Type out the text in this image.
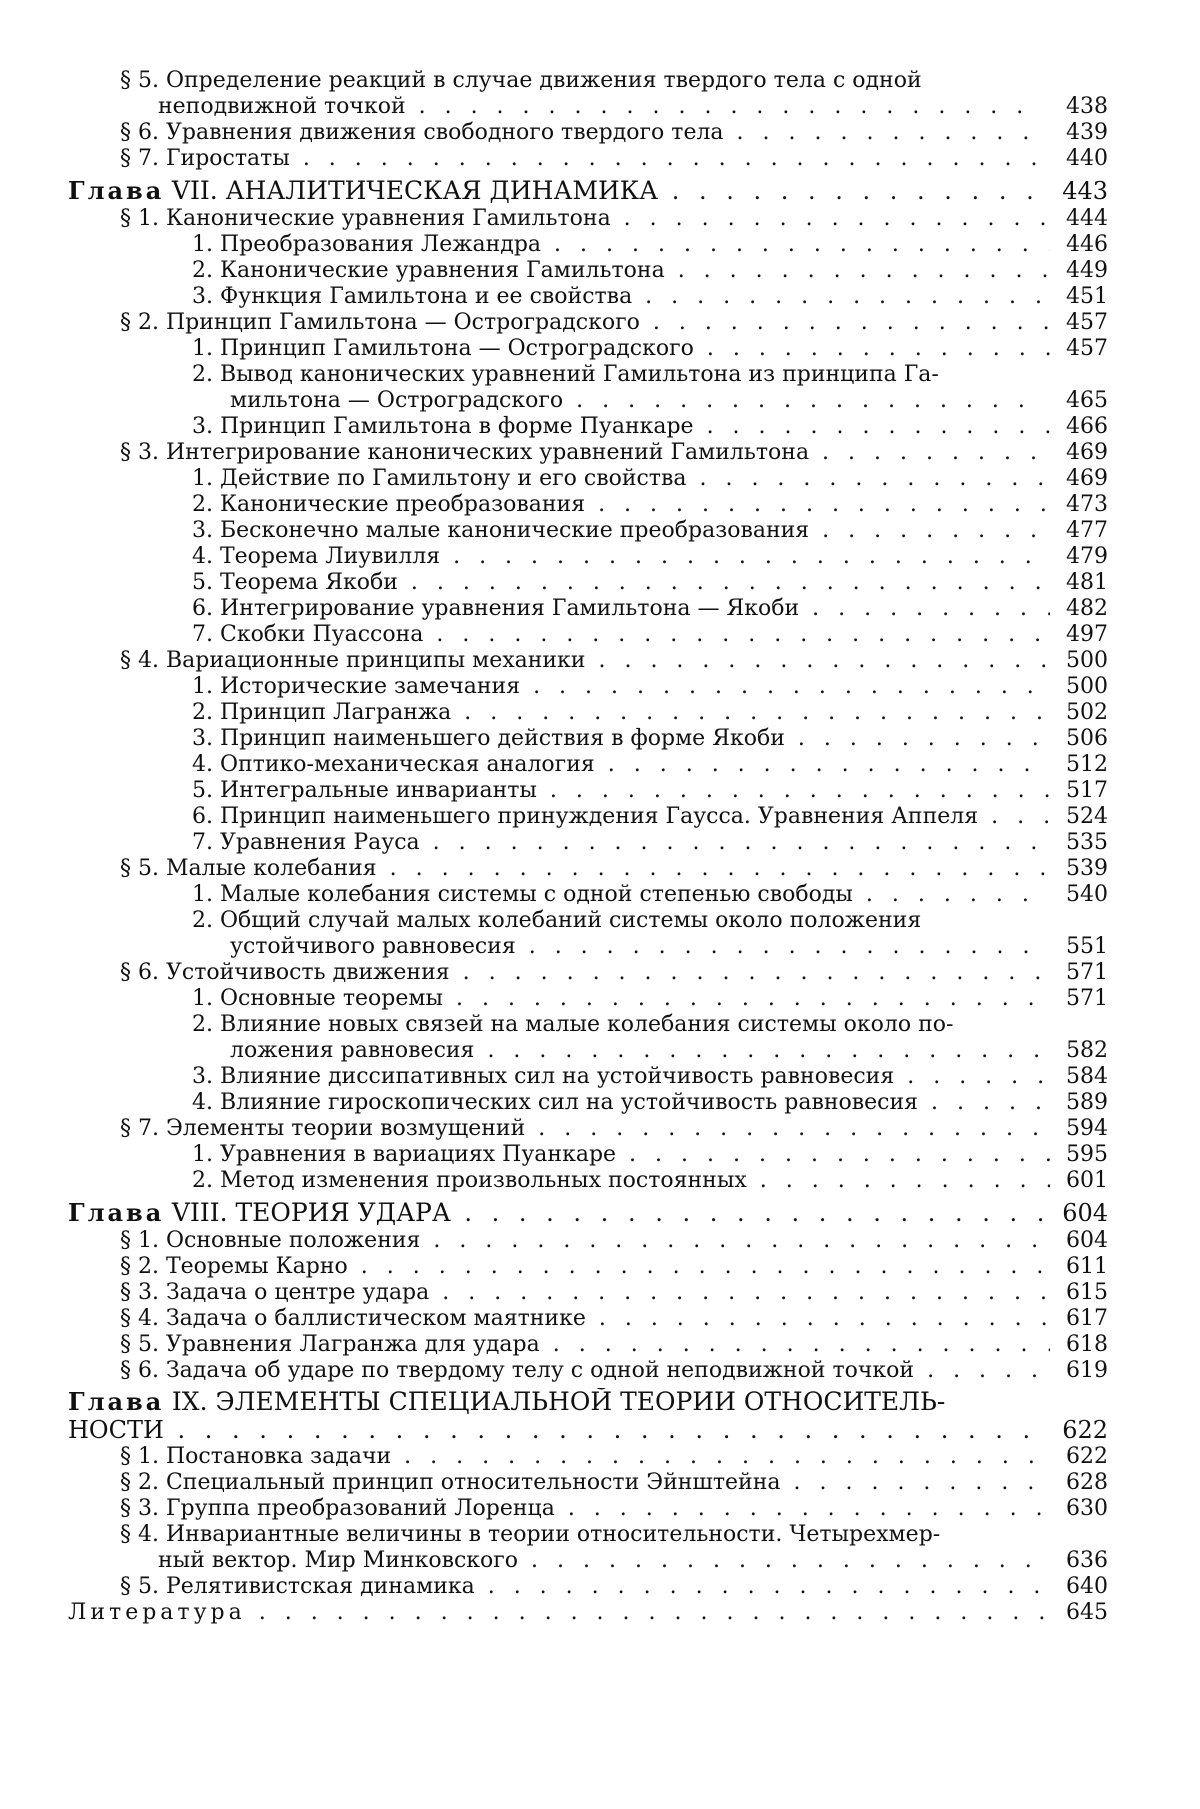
§ 5. Определение реакций в случае движения твердого тела с одной
неподвижной точкой . . .	438
§ 6. Уравнения движения свободного твердого тела . . .	439
§ 7. Гиростаты . . .	440
Глава VII. АНАЛИТИЧЕСКАЯ ДИНАМИКА . . .	443
§ 1. Канонические уравнения Гамильтона . . .	444
1. Преобразования Лежандра . . .	446
2. Канонические уравнения Гамильтона . . .	449
3. Функция Гамильтона и ее свойства . . .	451
§ 2. Принцип Гамильтона — Остроградского . . .	457
1. Принцип Гамильтона — Остроградского . . .	457
2. Вывод канонических уравнений Гамильтона из принципа Га-
мильтона — Остроградского . . .	465
3. Принцип Гамильтона в форме Пуанкаре . . .	466
§ 3. Интегрирование канонических уравнений Гамильтона . . .	469
1. Действие по Гамильтону и его свойства . . .	469
2. Канонические преобразования . . .	473
3. Бесконечно малые канонические преобразования . . .	477
4. Теорема Лиувилля . . .	479
5. Теорема Якоби . . .	481
6. Интегрирование уравнения Гамильтона — Якоби . . .	482
7. Скобки Пуассона . . .	497
§ 4. Вариационные принципы механики . . .	500
1. Исторические замечания . . .	500
2. Принцип Лагранжа . . .	502
3. Принцип наименьшего действия в форме Якоби . . .	506
4. Оптико-механическая аналогия . . .	512
5. Интегральные инварианты . . .	517
6. Принцип наименьшего принуждения Гаусса. Уравнения Аппеля . . .	524
7. Уравнения Рауса . . .	535
§ 5. Малые колебания . . .	539
1. Малые колебания системы с одной степенью свободы . . .	540
2. Общий случай малых колебаний системы около положения
устойчивого равновесия . . .	551
§ 6. Устойчивость движения . . .	571
1. Основные теоремы . . .	571
2. Влияние новых связей на малые колебания системы около по-
ложения равновесия . . .	582
3. Влияние диссипативных сил на устойчивость равновесия . . .	584
4. Влияние гироскопических сил на устойчивость равновесия . . .	589
§ 7. Элементы теории возмущений . . .	594
1. Уравнения в вариациях Пуанкаре . . .	595
2. Метод изменения произвольных постоянных . . .	601
Глава VIII. ТЕОРИЯ УДАРА . . .	604
§ 1. Основные положения . . .	604
§ 2. Теоремы Карно . . .	611
§ 3. Задача о центре удара . . .	615
§ 4. Задача о баллистическом маятнике . . .	617
§ 5. Уравнения Лагранжа для удара . . .	618
§ 6. Задача об ударе по твердому телу с одной неподвижной точкой . . .	619
Глава IX. ЭЛЕМЕНТЫ СПЕЦИАЛЬНОЙ ТЕОРИИ ОТНОСИТЕЛЬ-
НОСТИ . . .	622
§ 1. Постановка задачи . . .	622
§ 2. Специальный принцип относительности Эйнштейна . . .	628
§ 3. Группа преобразований Лоренца . . .	630
§ 4. Инвариантные величины в теории относительности. Четырехмер-
ный вектор. Мир Минковского . . .	636
§ 5. Релятивистская динамика . . .	640
Литература . . .	645
